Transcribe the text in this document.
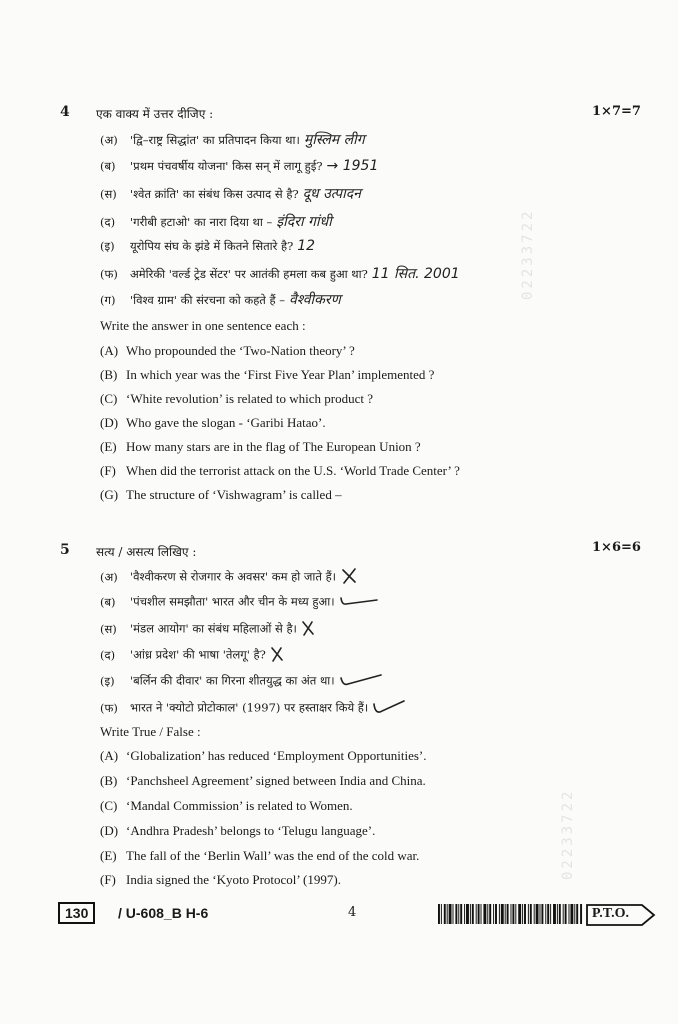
02233722
02233722
4 एक वाक्य में उत्तर दीजिए :	1×7=7
(अ) 'द्वि–राष्ट्र सिद्धांत' का प्रतिपादन किया था। मुस्लिम लीग
(ब) 'प्रथम पंचवर्षीय योजना' किस सन् में लागू हुई? → 1951
(स) 'श्वेत क्रांति' का संबंध किस उत्पाद से है? दूध उत्पादन
(द) 'गरीबी हटाओ' का नारा दिया था – इंदिरा गांधी
(इ) यूरोपिय संघ के झंडे में कितने सितारे है? 12
(फ) अमेरिकी 'वर्ल्ड ट्रेड सेंटर' पर आतंकी हमला कब हुआ था? 11 सित. 2001
(ग) 'विश्व ग्राम' की संरचना को कहते हैं – वैश्वीकरण
Write the answer in one sentence each :
(A) Who propounded the ‘Two-Nation theory’ ?
(B) In which year was the ‘First Five Year Plan’ implemented ?
(C) ‘White revolution’ is related to which product ?
(D) Who gave the slogan - ‘Garibi Hatao’.
(E) How many stars are in the flag of The European Union ?
(F) When did the terrorist attack on the U.S. ‘World Trade Center’ ?
(G) The structure of ‘Vishwagram’ is called –
5 सत्य / असत्य लिखिए :	1×6=6
(अ) 'वैश्वीकरण से रोजगार के अवसर' कम हो जाते हैं।
(ब) 'पंचशील समझौता' भारत और चीन के मध्य हुआ।
(स) 'मंडल आयोग' का संबंध महिलाओं से है।
(द) 'आंध्र प्रदेश' की भाषा 'तेलगू' है?
(इ) 'बर्लिन की दीवार' का गिरना शीतयुद्ध का अंत था।
(फ) भारत ने 'क्योटो प्रोटोकाल' (1997) पर हस्ताक्षर किये हैं।
Write True / False :
(A) ‘Globalization’ has reduced ‘Employment Opportunities’.
(B) ‘Panchsheel Agreement’ signed between India and China.
(C) ‘Mandal Commission’ is related to Women.
(D) ‘Andhra Pradesh’ belongs to ‘Telugu language’.
(E) The fall of the ‘Berlin Wall’ was the end of the cold war.
(F) India signed the ‘Kyoto Protocol’ (1997).
130	/ U-608_B H-6	4	P.T.O.
